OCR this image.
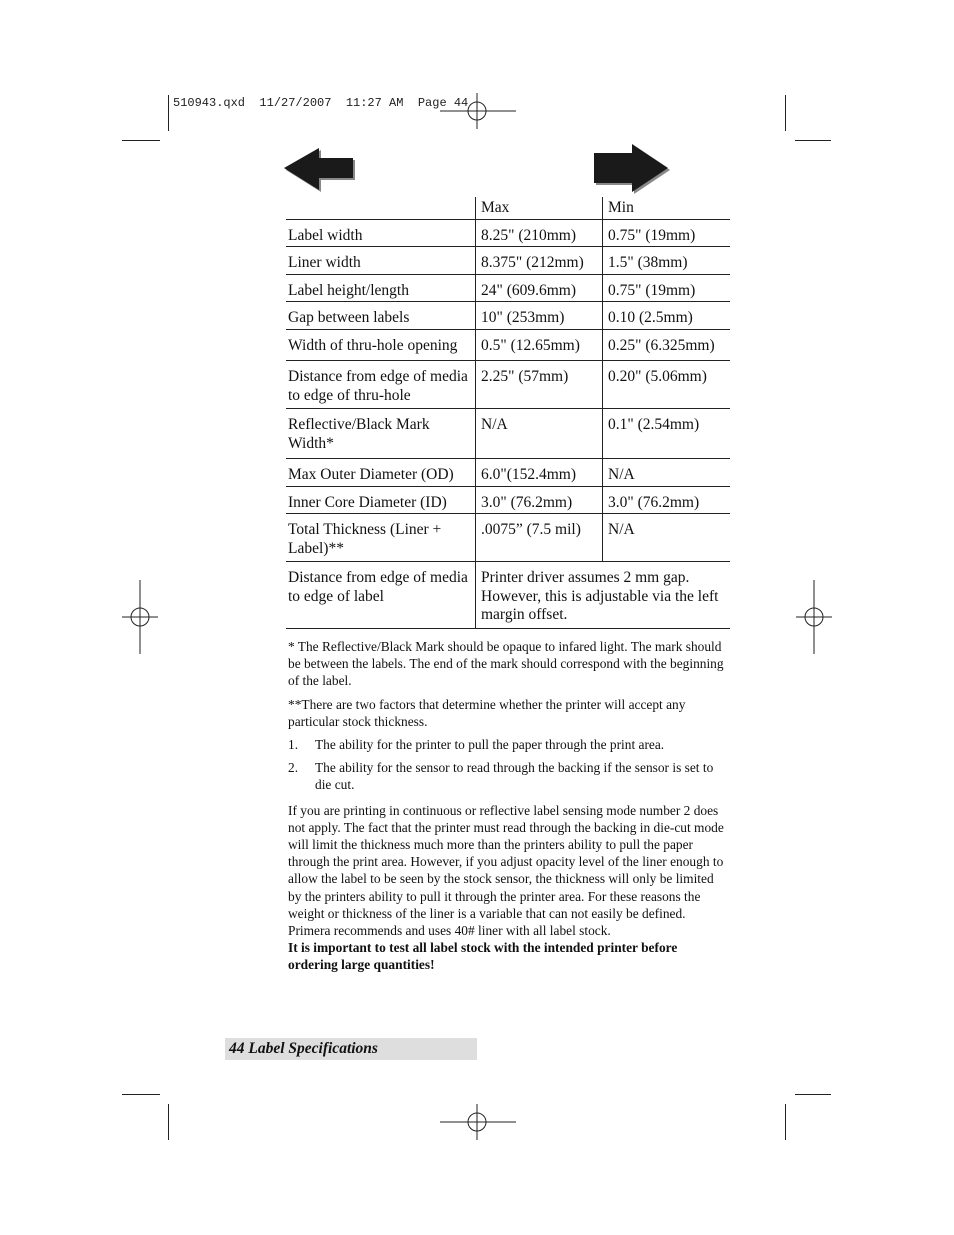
510943.qxd  11/27/2007  11:27 AM  Page 44
	Max	Min
Label width	8.25" (210mm)	0.75" (19mm)
Liner width	8.375" (212mm)	1.5" (38mm)
Label height/length	24" (609.6mm)	0.75" (19mm)
Gap between labels	10" (253mm)	0.10 (2.5mm)
Width of thru-hole opening	0.5" (12.65mm)	0.25" (6.325mm)
Distance from edge of media to edge of thru-hole	2.25" (57mm)	0.20" (5.06mm)
Reflective/Black Mark Width*	N/A	0.1" (2.54mm)
Max Outer Diameter (OD)	6.0"(152.4mm)	N/A
Inner Core Diameter (ID)	3.0" (76.2mm)	3.0" (76.2mm)
Total Thickness (Liner + Label)**	.0075” (7.5 mil)	N/A
Distance from edge of media to edge of label	Printer driver assumes 2 mm gap. However, this is adjustable via the left margin offset.	

* The Reflective/Black Mark should be opaque to infared light. The mark should be between the labels. The end of the mark should correspond with the beginning of the label.

**There are two factors that determine whether the printer will accept any particular stock thickness.

1.	The ability for the printer to pull the paper through the print area.
2.	The ability for the sensor to read through the backing if the sensor is set to die cut.

If you are printing in continuous or reflective label sensing mode number 2 does not apply. The fact that the printer must read through the backing in die-cut mode will limit the thickness much more than the printers ability to pull the paper through the print area. However, if you adjust opacity level of the liner enough to allow the label to be seen by the stock sensor, the thickness will only be limited by the printers ability to pull it through the printer area. For these reasons the weight or thickness of the liner is a variable that can not easily be defined. Primera recommends and uses 40# liner with all label stock.

It is important to test all label stock with the intended printer before ordering large quantities!

44 Label Specifications
